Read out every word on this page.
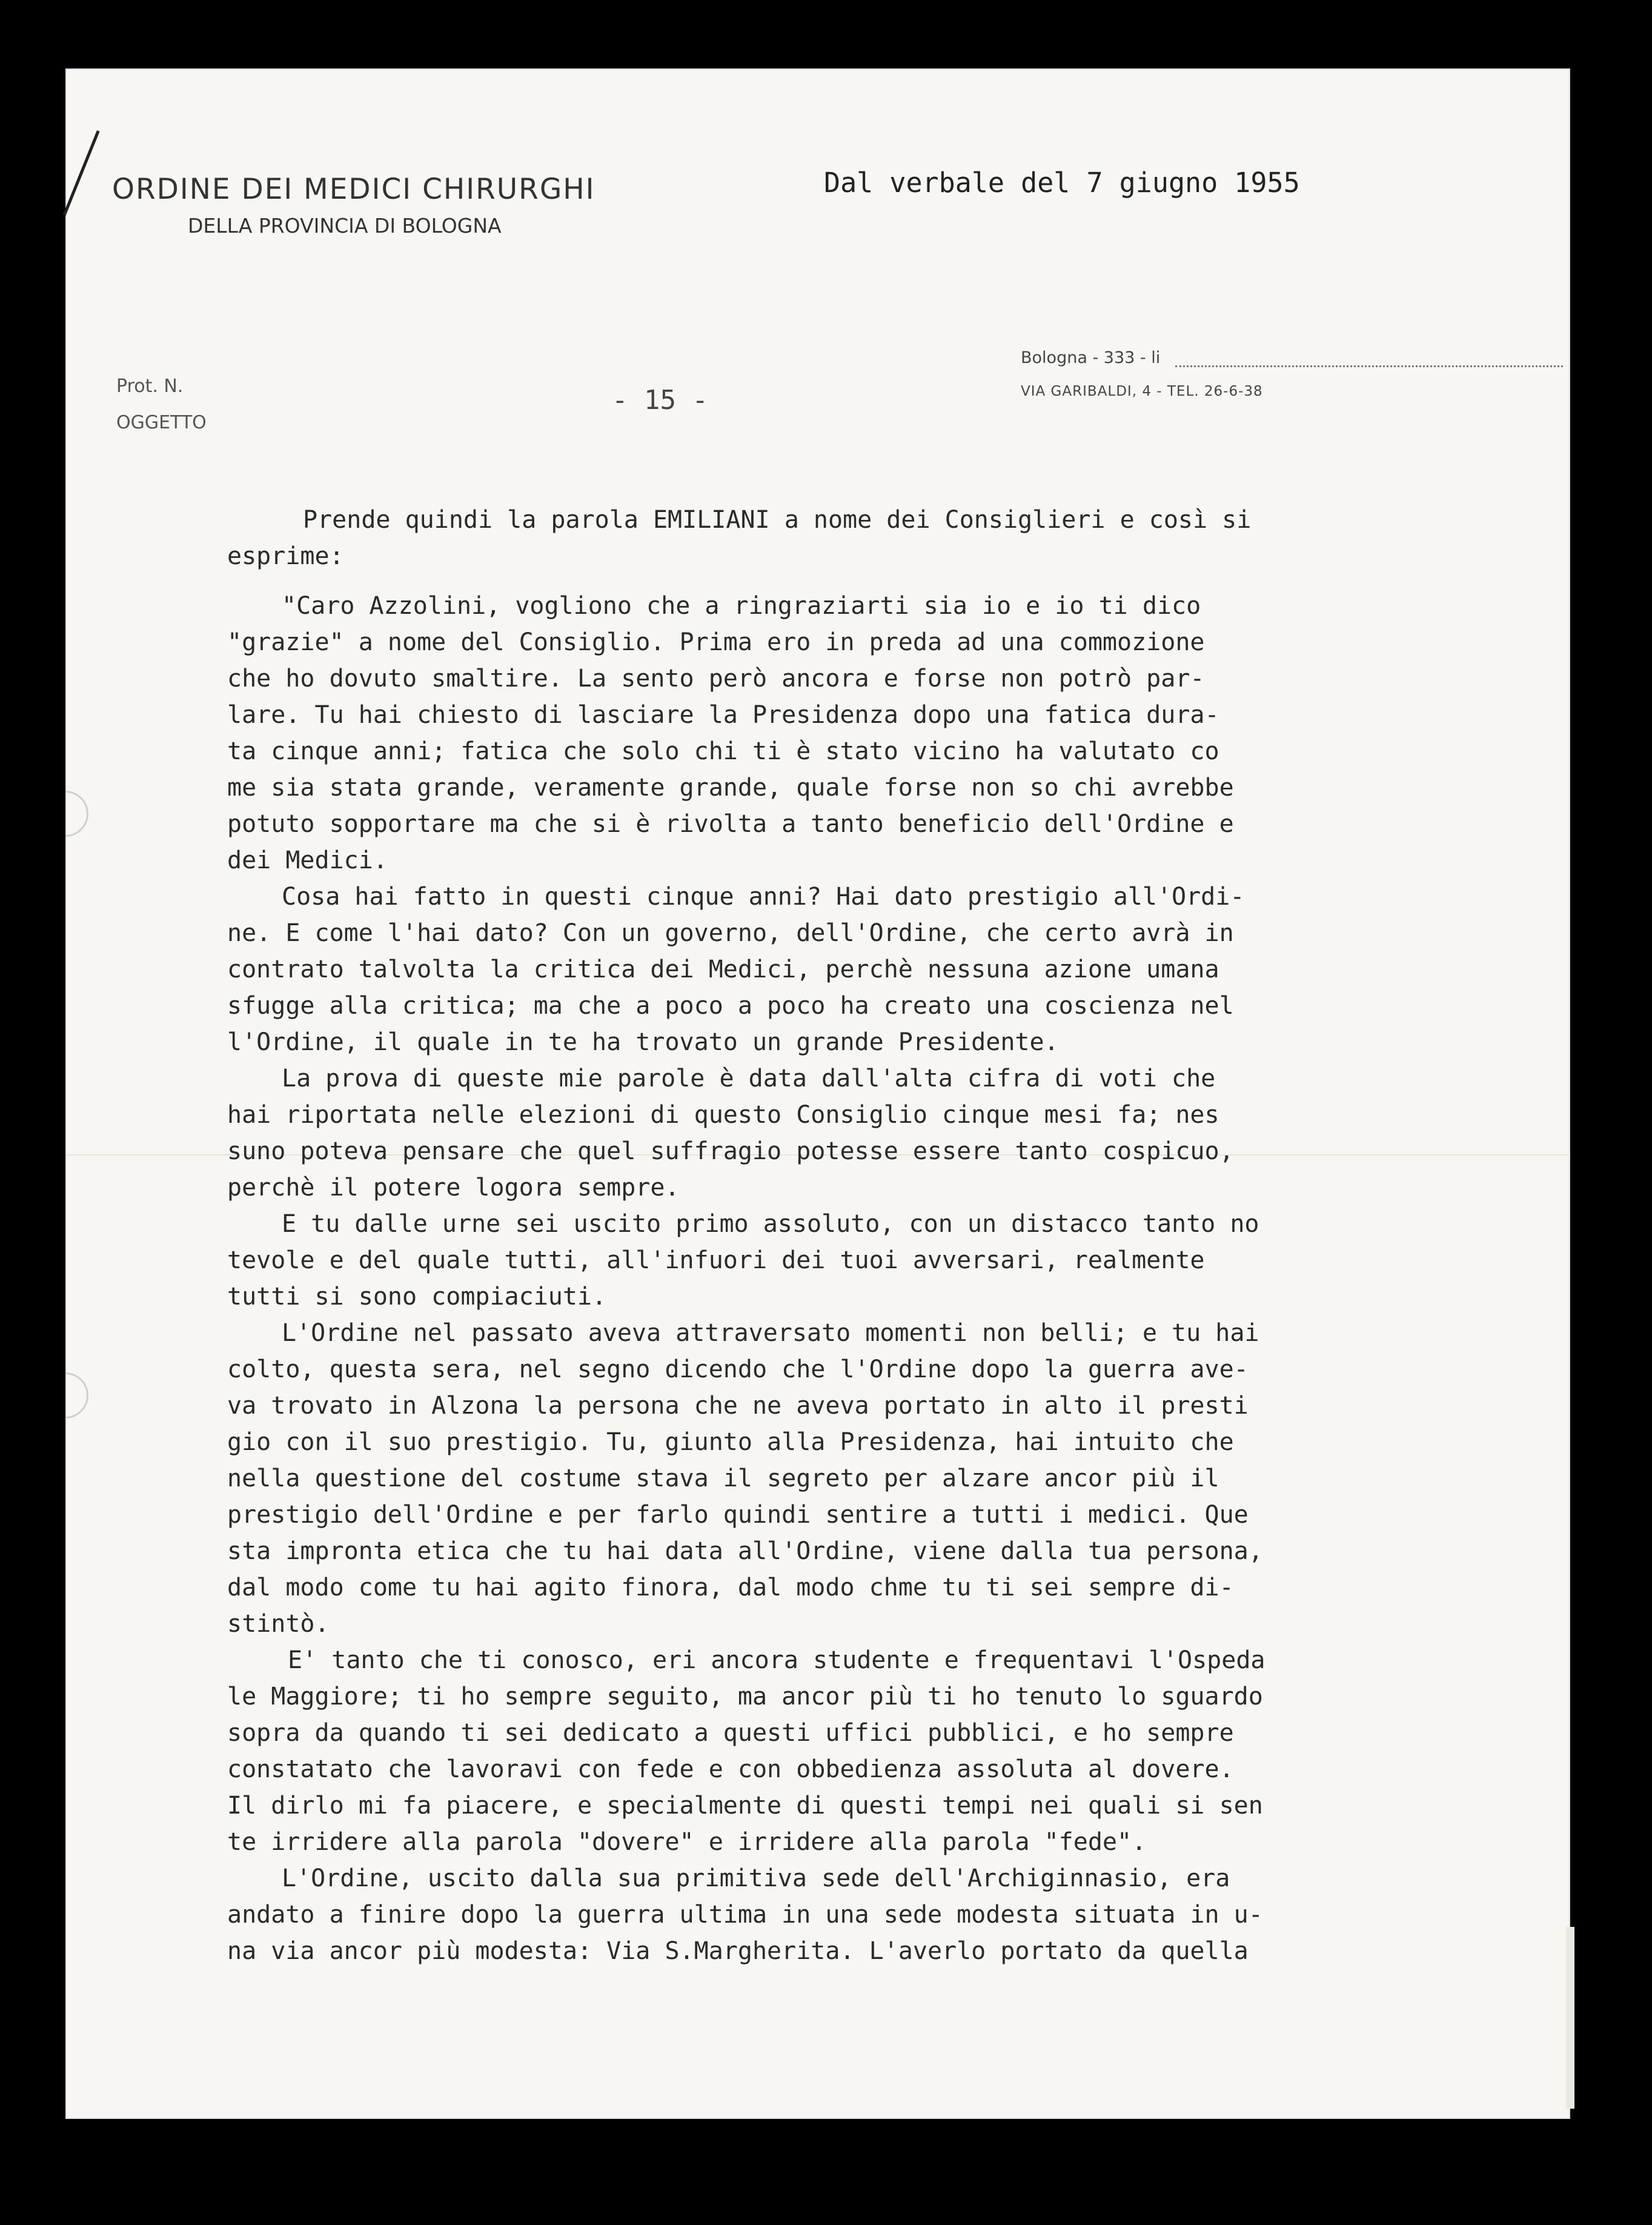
ORDINE DEI MEDICI CHIRURGHI
DELLA PROVINCIA DI BOLOGNA
Dal verbale del 7 giugno 1955
Bologna - 333 - li
VIA GARIBALDI, 4 - TEL. 26-6-38
Prot. N.
OGGETTO
- 15 -
Prende quindi la parola EMILIANI a nome dei Consiglieri e così si
esprime:
"Caro Azzolini, vogliono che a ringraziarti sia io e io ti dico
"grazie" a nome del Consiglio. Prima ero in preda ad una commozione
che ho dovuto smaltire. La sento però ancora e forse non potrò par-
lare. Tu hai chiesto di lasciare la Presidenza dopo una fatica dura-
ta cinque anni; fatica che solo chi ti è stato vicino ha valutato co
me sia stata grande, veramente grande, quale forse non so chi avrebbe
potuto sopportare ma che si è rivolta a tanto beneficio dell'Ordine e
dei Medici.
Cosa hai fatto in questi cinque anni? Hai dato prestigio all'Ordi-
ne. E come l'hai dato? Con un governo, dell'Ordine, che certo avrà in
contrato talvolta la critica dei Medici, perchè nessuna azione umana
sfugge alla critica; ma che a poco a poco ha creato una coscienza nel
l'Ordine, il quale in te ha trovato un grande Presidente.
La prova di queste mie parole è data dall'alta cifra di voti che
hai riportata nelle elezioni di questo Consiglio cinque mesi fa; nes
suno poteva pensare che quel suffragio potesse essere tanto cospicuo,
perchè il potere logora sempre.
E tu dalle urne sei uscito primo assoluto, con un distacco tanto no
tevole e del quale tutti, all'infuori dei tuoi avversari, realmente
tutti si sono compiaciuti.
L'Ordine nel passato aveva attraversato momenti non belli; e tu hai
colto, questa sera, nel segno dicendo che l'Ordine dopo la guerra ave-
va trovato in Alzona la persona che ne aveva portato in alto il presti
gio con il suo prestigio. Tu, giunto alla Presidenza, hai intuito che
nella questione del costume stava il segreto per alzare ancor più il
prestigio dell'Ordine e per farlo quindi sentire a tutti i medici. Que
sta impronta etica che tu hai data all'Ordine, viene dalla tua persona,
dal modo come tu hai agito finora, dal modo chme tu ti sei sempre di-
stintò.
E' tanto che ti conosco, eri ancora studente e frequentavi l'Ospeda
le Maggiore; ti ho sempre seguito, ma ancor più ti ho tenuto lo sguardo
sopra da quando ti sei dedicato a questi uffici pubblici, e ho sempre
constatato che lavoravi con fede e con obbedienza assoluta al dovere.
Il dirlo mi fa piacere, e specialmente di questi tempi nei quali si sen
te irridere alla parola "dovere" e irridere alla parola "fede".
L'Ordine, uscito dalla sua primitiva sede dell'Archiginnasio, era
andato a finire dopo la guerra ultima in una sede modesta situata in u-
na via ancor più modesta: Via S.Margherita. L'averlo portato da quella
